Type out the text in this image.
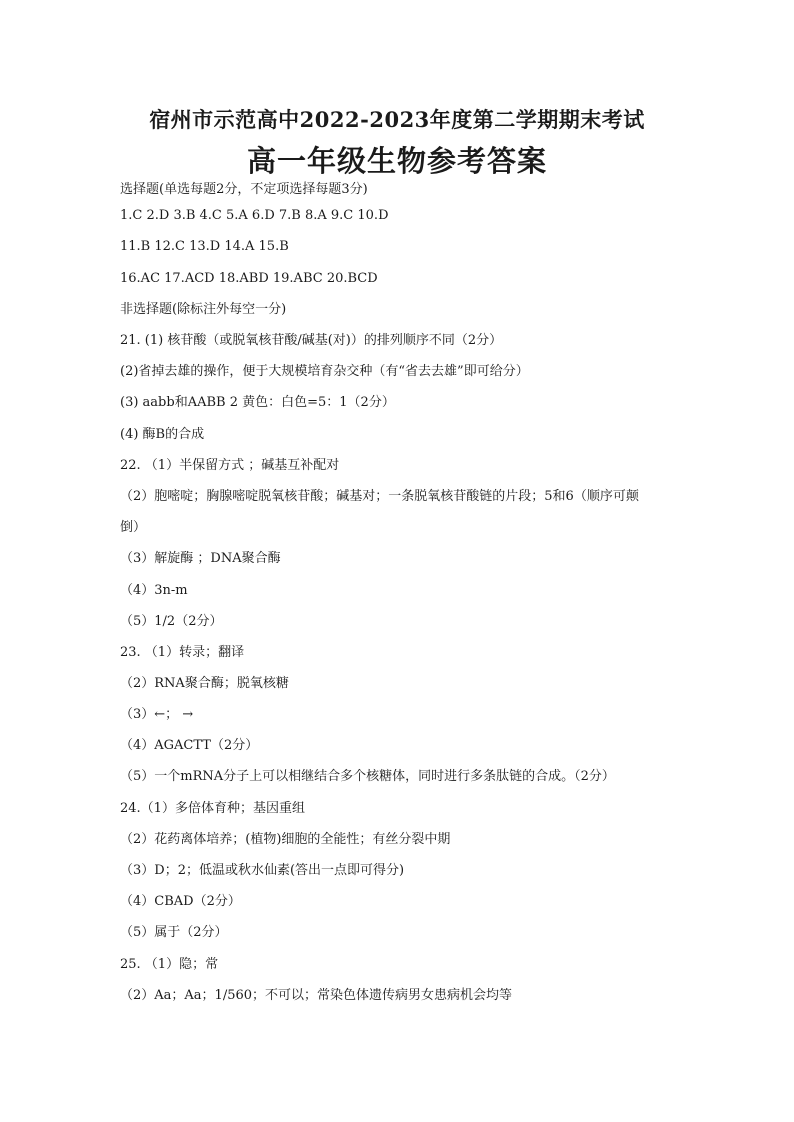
宿州市示范高中2022-2023年度第二学期期末考试
高一年级生物参考答案
选择题(单选每题2分，不定项选择每题3分)
1.C 2.D 3.B 4.C 5.A 6.D 7.B 8.A 9.C 10.D
11.B 12.C 13.D 14.A 15.B
16.AC 17.ACD 18.ABD 19.ABC 20.BCD
非选择题(除标注外每空一分)
21. (1) 核苷酸（或脱氧核苷酸/碱基(对)）的排列顺序不同（2分）
(2)省掉去雄的操作，便于大规模培育杂交种（有“省去去雄”即可给分）
(3) aabb和AABB 2 黄色：白色=5：1（2分）
(4) 酶B的合成
22. （1）半保留方式 ；碱基互补配对
（2）胞嘧啶；胸腺嘧啶脱氧核苷酸；碱基对；一条脱氧核苷酸链的片段；5和6（顺序可颠
倒）
（3）解旋酶 ；DNA聚合酶
（4）3n-m
（5）1/2（2分）
23. （1）转录；翻译
（2）RNA聚合酶；脱氧核糖
（3）←； →
（4）AGACTT（2分）
（5）一个mRNA分子上可以相继结合多个核糖体，同时进行多条肽链的合成。（2分）
24.（1）多倍体育种；基因重组
（2）花药离体培养；(植物)细胞的全能性；有丝分裂中期
（3）D；2；低温或秋水仙素(答出一点即可得分)
（4）CBAD（2分）
（5）属于（2分）
25. （1）隐；常
（2）Aa；Aa；1/560；不可以；常染色体遗传病男女患病机会均等
